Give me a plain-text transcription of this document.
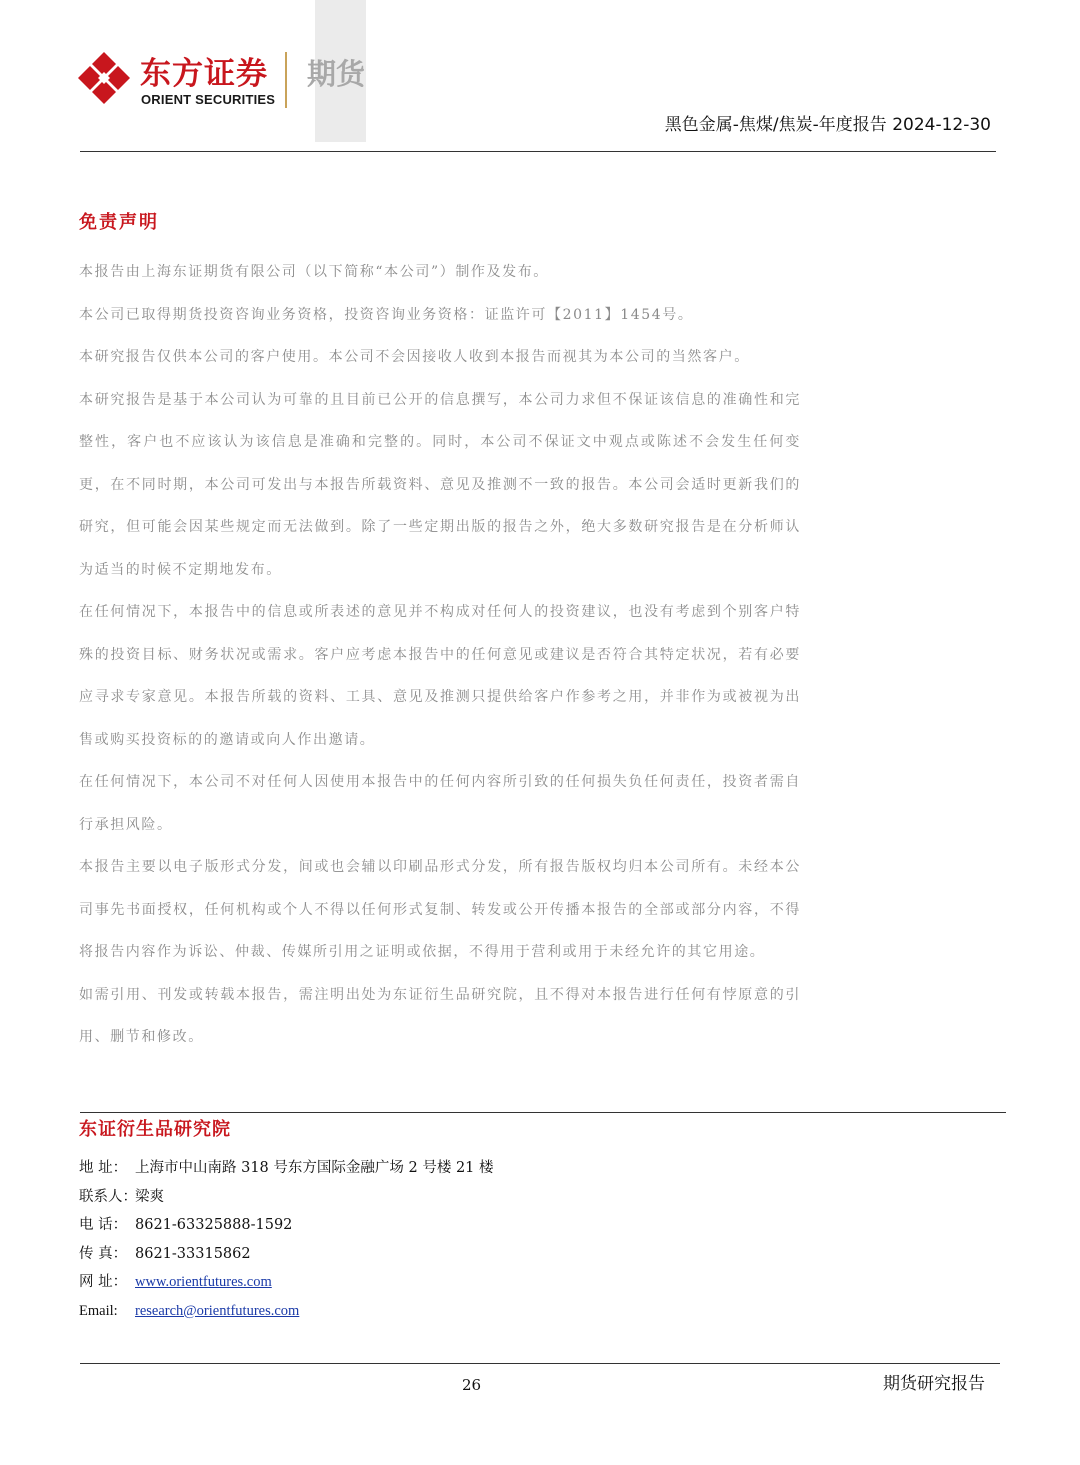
东方证券
ORIENT SECURITIES
期货
黑色金属-焦煤/焦炭-年度报告 2024-12-30
免责声明

本报告由上海东证期货有限公司（以下简称“本公司”）制作及发布。

本公司已取得期货投资咨询业务资格，投资咨询业务资格：证监许可【2011】1454号。

本研究报告仅供本公司的客户使用。本公司不会因接收人收到本报告而视其为本公司的当然客户。

本研究报告是基于本公司认为可靠的且目前已公开的信息撰写，本公司力求但不保证该信息的准确性和完整性，客户也不应该认为该信息是准确和完整的。同时，本公司不保证文中观点或陈述不会发生任何变更，在不同时期，本公司可发出与本报告所载资料、意见及推测不一致的报告。本公司会适时更新我们的研究，但可能会因某些规定而无法做到。除了一些定期出版的报告之外，绝大多数研究报告是在分析师认为适当的时候不定期地发布。

在任何情况下，本报告中的信息或所表述的意见并不构成对任何人的投资建议，也没有考虑到个别客户特殊的投资目标、财务状况或需求。客户应考虑本报告中的任何意见或建议是否符合其特定状况，若有必要应寻求专家意见。本报告所载的资料、工具、意见及推测只提供给客户作参考之用，并非作为或被视为出售或购买投资标的的邀请或向人作出邀请。

在任何情况下，本公司不对任何人因使用本报告中的任何内容所引致的任何损失负任何责任，投资者需自行承担风险。

本报告主要以电子版形式分发，间或也会辅以印刷品形式分发，所有报告版权均归本公司所有。未经本公司事先书面授权，任何机构或个人不得以任何形式复制、转发或公开传播本报告的全部或部分内容，不得将报告内容作为诉讼、仲裁、传媒所引用之证明或依据，不得用于营利或用于未经允许的其它用途。

如需引用、刊发或转载本报告，需注明出处为东证衍生品研究院，且不得对本报告进行任何有悖原意的引用、删节和修改。

东证衍生品研究院
地 址： 上海市中山南路 318 号东方国际金融广场 2 号楼 21 楼
联系人：梁爽
电 话： 8621-63325888-1592
传 真： 8621-33315862
网 址： www.orientfutures.com
Email: research@orientfutures.com
26	期货研究报告
